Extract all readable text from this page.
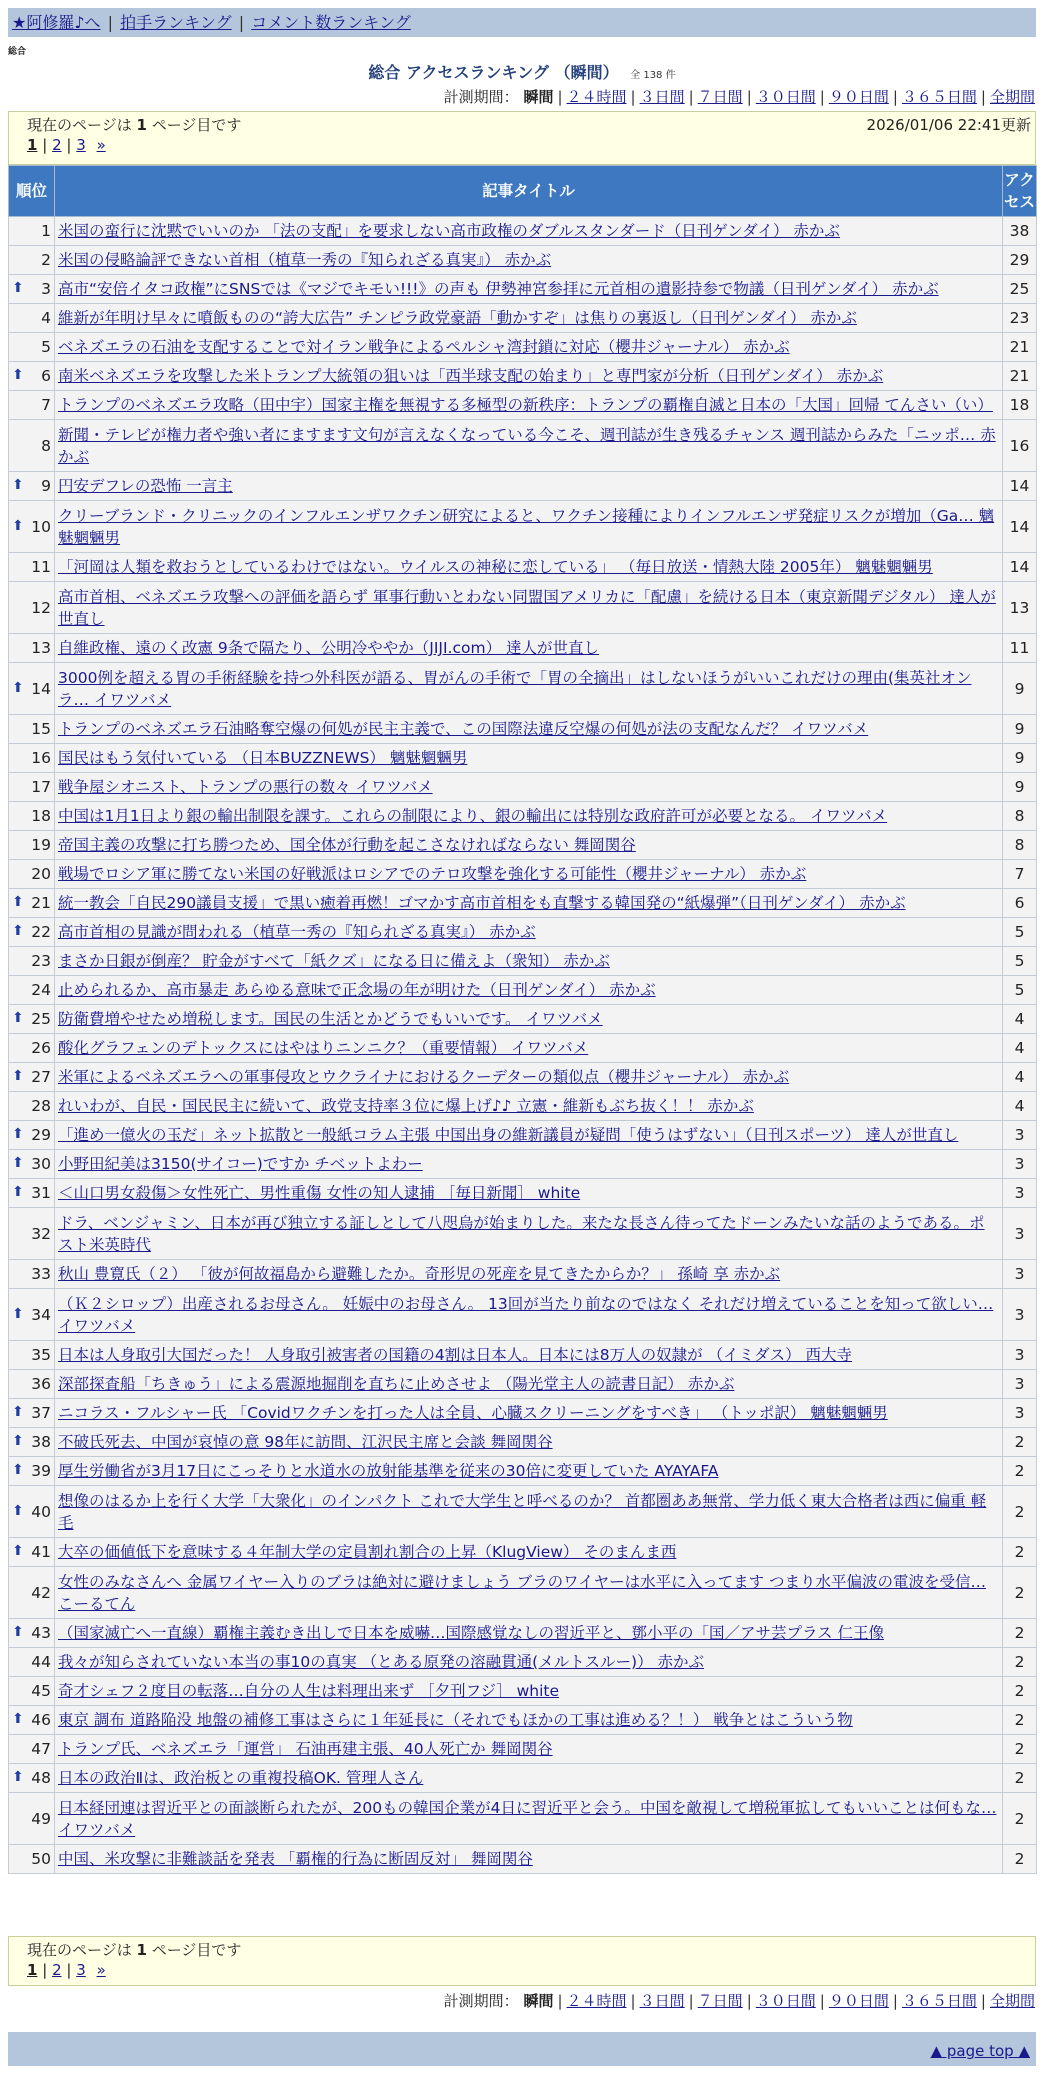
★阿修羅♪へ | 拍手ランキング | コメント数ランキング
総合
総合 アクセスランキング （瞬間） 全 138 件
計測期間： 瞬間 | ２４時間 | ３日間 | ７日間 | ３０日間 | ９０日間 | ３６５日間 | 全期間
現在のページは 1 ページ目です	2026/01/06 22:41更新
1 | 2 | 3 »
順位	記事タイトル	アクセス
1	米国の蛮行に沈黙でいいのか 「法の支配」を要求しない高市政権のダブルスタンダード（日刊ゲンダイ） 赤かぶ	38
2	米国の侵略論評できない首相（植草一秀の『知られざる真実』） 赤かぶ	29

⬆ 3	高市“安倍イタコ政権”にSNSでは《マジでキモい!!!》の声も 伊勢神宮参拝に元首相の遺影持参で物議（日刊ゲンダイ） 赤かぶ	25
4	維新が年明け早々に噴飯ものの“誇大広告” チンピラ政党豪語「動かすぞ」は焦りの裏返し（日刊ゲンダイ） 赤かぶ	23
5	ベネズエラの石油を支配することで対イラン戦争によるペルシャ湾封鎖に対応（櫻井ジャーナル） 赤かぶ	21

⬆ 6	南米ベネズエラを攻撃した米トランプ大統領の狙いは「西半球支配の始まり」と専門家が分析（日刊ゲンダイ） 赤かぶ	21
7	トランプのベネズエラ攻略（田中宇）国家主権を無視する多極型の新秩序：トランプの覇権自滅と日本の「大国」回帰 てんさい（い）	18
8	新聞・テレビが権力者や強い者にますます文句が言えなくなっている今こそ、週刊誌が生き残るチャンス 週刊誌からみた「ニッポ… 赤かぶ	16

⬆ 9	円安デフレの恐怖 一言主	14

⬆ 10	クリーブランド・クリニックのインフルエンザワクチン研究によると、ワクチン接種によりインフルエンザ発症リスクが増加（Ga… 魑魅魍魎男	14
11	「河岡は人類を救おうとしているわけではない。ウイルスの神秘に恋している」 （毎日放送・情熱大陸 2005年） 魑魅魍魎男	14
12	高市首相、ベネズエラ攻撃への評価を語らず 軍事行動いとわない同盟国アメリカに「配慮」を続ける日本（東京新聞デジタル） 達人が世直し	13
13	自維政権、遠のく改憲 9条で隔たり、公明冷ややか（JIJI.com） 達人が世直し	11

⬆ 14	3000例を超える胃の手術経験を持つ外科医が語る、胃がんの手術で「胃の全摘出」はしないほうがいいこれだけの理由(集英社オンラ… イワツバメ	9
15	トランプのベネズエラ石油略奪空爆の何処が民主主義で、この国際法違反空爆の何処が法の支配なんだ？ イワツバメ	9
16	国民はもう気付いている （日本BUZZNEWS） 魑魅魍魎男	9
17	戦争屋シオニスト、トランプの悪行の数々 イワツバメ	9
18	中国は1月1日より銀の輸出制限を課す。これらの制限により、銀の輸出には特別な政府許可が必要となる。 イワツバメ	8
19	帝国主義の攻撃に打ち勝つため、国全体が行動を起こさなければならない 舞岡関谷	8
20	戦場でロシア軍に勝てない米国の好戦派はロシアでのテロ攻撃を強化する可能性（櫻井ジャーナル） 赤かぶ	7

⬆ 21	統一教会「自民290議員支援」で黒い癒着再燃！ゴマかす高市首相をも直撃する韓国発の“紙爆弾”（日刊ゲンダイ） 赤かぶ	6

⬆ 22	高市首相の見識が問われる（植草一秀の『知られざる真実』） 赤かぶ	5
23	まさか日銀が倒産？ 貯金がすべて「紙クズ」になる日に備えよ（衆知） 赤かぶ	5
24	止められるか、高市暴走 あらゆる意味で正念場の年が明けた（日刊ゲンダイ） 赤かぶ	5

⬆ 25	防衛費増やせため増税します。国民の生活とかどうでもいいです。 イワツバメ	4
26	酸化グラフェンのデトックスにはやはりニンニク？（重要情報） イワツバメ	4

⬆ 27	米軍によるベネズエラへの軍事侵攻とウクライナにおけるクーデターの類似点（櫻井ジャーナル） 赤かぶ	4
28	れいわが、自民・国民民主に続いて、政党支持率３位に爆上げ♪♪ 立憲・維新もぶち抜く！！ 赤かぶ	4

⬆ 29	「進め一億火の玉だ」ネット拡散と一般紙コラム主張 中国出身の維新議員が疑問「使うはずない」（日刊スポーツ） 達人が世直し	3

⬆ 30	小野田紀美は3150(サイコー)ですか チベットよわー	3

⬆ 31	＜山口男女殺傷＞女性死亡、男性重傷 女性の知人逮捕 ［毎日新聞］ white	3
32	ドラ、ベンジャミン、日本が再び独立する証しとして八咫烏が始まりした。来たな長さん待ってたドーンみたいな話のようである。ポスト米英時代	3
33	秋山 豊寛氏（２） 「彼が何故福島から避難したか。奇形児の死産を見てきたからか？」 孫崎 享 赤かぶ	3

⬆ 34	（Ｋ２シロップ）出産されるお母さん。 妊娠中のお母さん。 13回が当たり前なのではなく それだけ増えていることを知って欲しい… イワツバメ	3
35	日本は人身取引大国だった！ 人身取引被害者の国籍の4割は日本人。日本には8万人の奴隷が （イミダス） 西大寺	3
36	深部探査船「ちきゅう」による震源地掘削を直ちに止めさせよ （陽光堂主人の読書日記） 赤かぶ	3

⬆ 37	ニコラス・フルシャー氏 「Covidワクチンを打った人は全員、心臓スクリーニングをすべき」 （トッポ訳） 魑魅魍魎男	3

⬆ 38	不破氏死去、中国が哀悼の意 98年に訪問、江沢民主席と会談 舞岡関谷	2

⬆ 39	厚生労働省が3月17日にこっそりと水道水の放射能基準を従来の30倍に変更していた AYAYAFA	2

⬆ 40	想像のはるか上を行く大学「大衆化」のインパクト これで大学生と呼べるのか？ 首都圏ああ無常、学力低く東大合格者は西に偏重 軽毛	2

⬆ 41	大卒の価値低下を意味する４年制大学の定員割れ割合の上昇（KlugView） そのまんま西	2
42	女性のみなさんへ 金属ワイヤー入りのブラは絶対に避けましょう ブラのワイヤーは水平に入ってます つまり水平偏波の電波を受信… こーるてん	2

⬆ 43	（国家滅亡へ一直線）覇権主義むき出しで日本を威嚇…国際感覚なしの習近平と、鄧小平の「国／アサ芸プラス 仁王像	2
44	我々が知らされていない本当の事10の真実 （とある原発の溶融貫通(メルトスルー)） 赤かぶ	2
45	奇才シェフ２度目の転落…自分の人生は料理出来ず ［夕刊フジ］ white	2

⬆ 46	東京 調布 道路陥没 地盤の補修工事はさらに１年延長に（それでもほかの工事は進める？！） 戦争とはこういう物	2
47	トランプ氏、ベネズエラ「運営」 石油再建主張、40人死亡か 舞岡関谷	2

⬆ 48	日本の政治Ⅱは、政治板との重複投稿OK. 管理人さん	2
49	日本経団連は習近平との面談断られたが、200もの韓国企業が4日に習近平と会う。中国を敵視して増税軍拡してもいいことは何もな… イワツバメ	2
50	中国、米攻撃に非難談話を発表 「覇権的行為に断固反対」 舞岡関谷	2
現在のページは 1 ページ目です
1 | 2 | 3 »
計測期間： 瞬間 | ２４時間 | ３日間 | ７日間 | ３０日間 | ９０日間 | ３６５日間 | 全期間
▲ page top ▲
